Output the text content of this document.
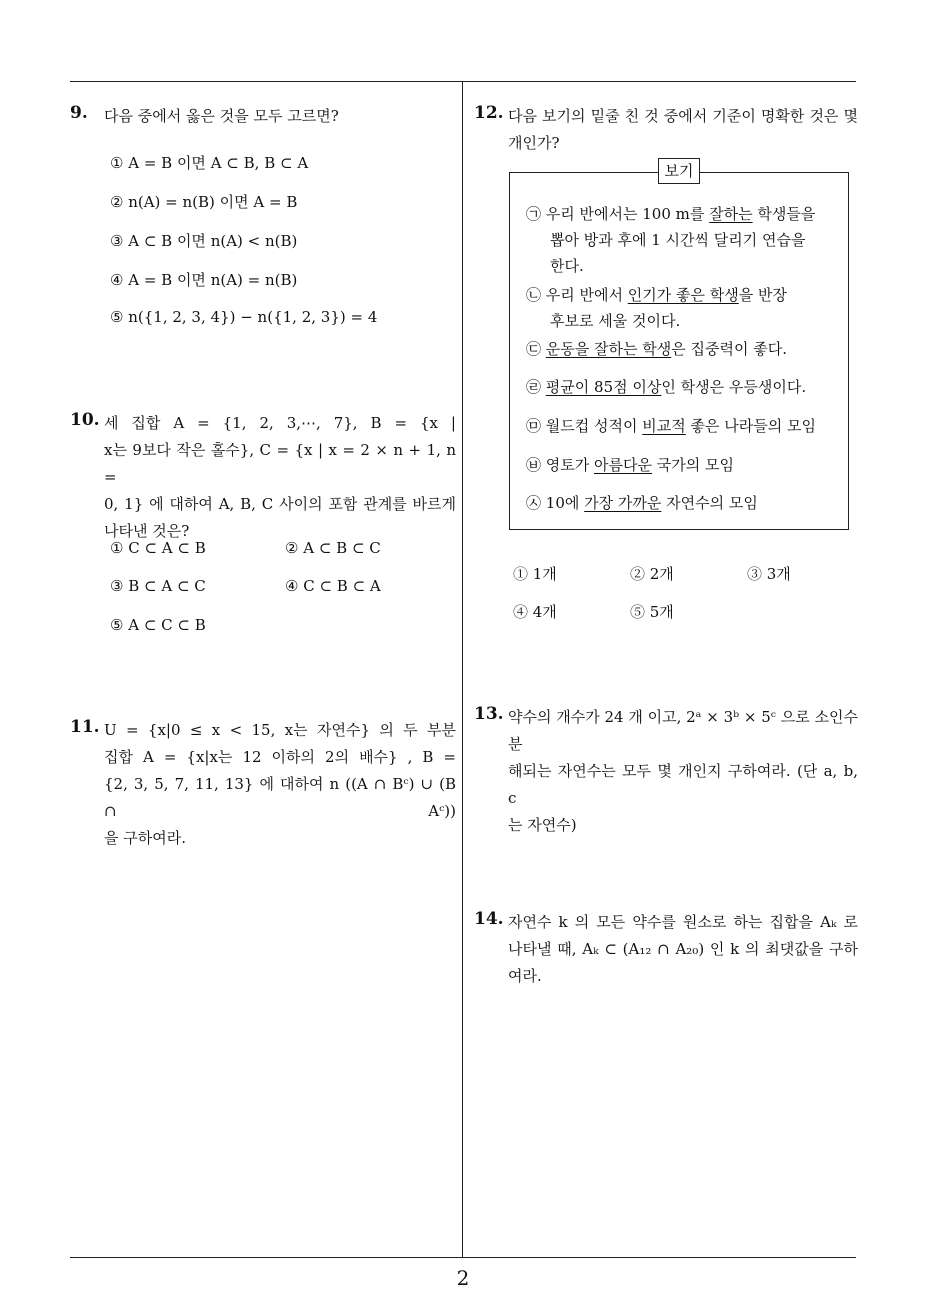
2
9. 다음 중에서 옳은 것을 모두 고르면?
① A = B 이면 A ⊂ B, B ⊂ A
② n(A) = n(B) 이면 A = B
③ A ⊂ B 이면 n(A) < n(B)
④ A = B 이면 n(A) = n(B)
⑤ n({1, 2, 3, 4}) − n({1, 2, 3}) = 4
10. 세 집합 A = {1, 2, 3,⋯, 7}, B = {x |
x는 9보다 작은 홀수}, C = {x | x = 2 × n + 1, n =
0, 1} 에 대하여 A, B, C 사이의 포함 관계를 바르게
나타낸 것은?
① C ⊂ A ⊂ B	② A ⊂ B ⊂ C
③ B ⊂ A ⊂ C	④ C ⊂ B ⊂ A
⑤ A ⊂ C ⊂ B
11. U = {x|0 ≤ x < 15, x는 자연수} 의 두 부분
집합 A = {x|x는 12 이하의 2의 배수} , B =
{2, 3, 5, 7, 11, 13} 에 대하여 n ((A ∩ Bᶜ) ∪ (B ∩ Aᶜ))
을 구하여라.
12. 다음 보기의 밑줄 친 것 중에서 기준이 명확한 것은 몇
개인가?
보기
㉠ 우리 반에서는 100 m를 잘하는 학생들을
뽑아 방과 후에 1 시간씩 달리기 연습을
한다.
㉡ 우리 반에서 인기가 좋은 학생을 반장
후보로 세울 것이다.
㉢ 운동을 잘하는 학생은 집중력이 좋다.
㉣ 평균이 85점 이상인 학생은 우등생이다.
㉤ 월드컵 성적이 비교적 좋은 나라들의 모임
㉥ 영토가 아름다운 국가의 모임
㉦ 10에 가장 가까운 자연수의 모임
① 1개	② 2개	③ 3개
④ 4개	⑤ 5개
13. 약수의 개수가 24 개 이고, 2ᵃ × 3ᵇ × 5ᶜ 으로 소인수분
해되는 자연수는 모두 몇 개인지 구하여라. (단 a, b, c
는 자연수)
14. 자연수 k 의 모든 약수를 원소로 하는 집합을 Aₖ 로
나타낼 때, Aₖ ⊂ (A₁₂ ∩ A₂₀) 인 k 의 최댓값을 구하
여라.
